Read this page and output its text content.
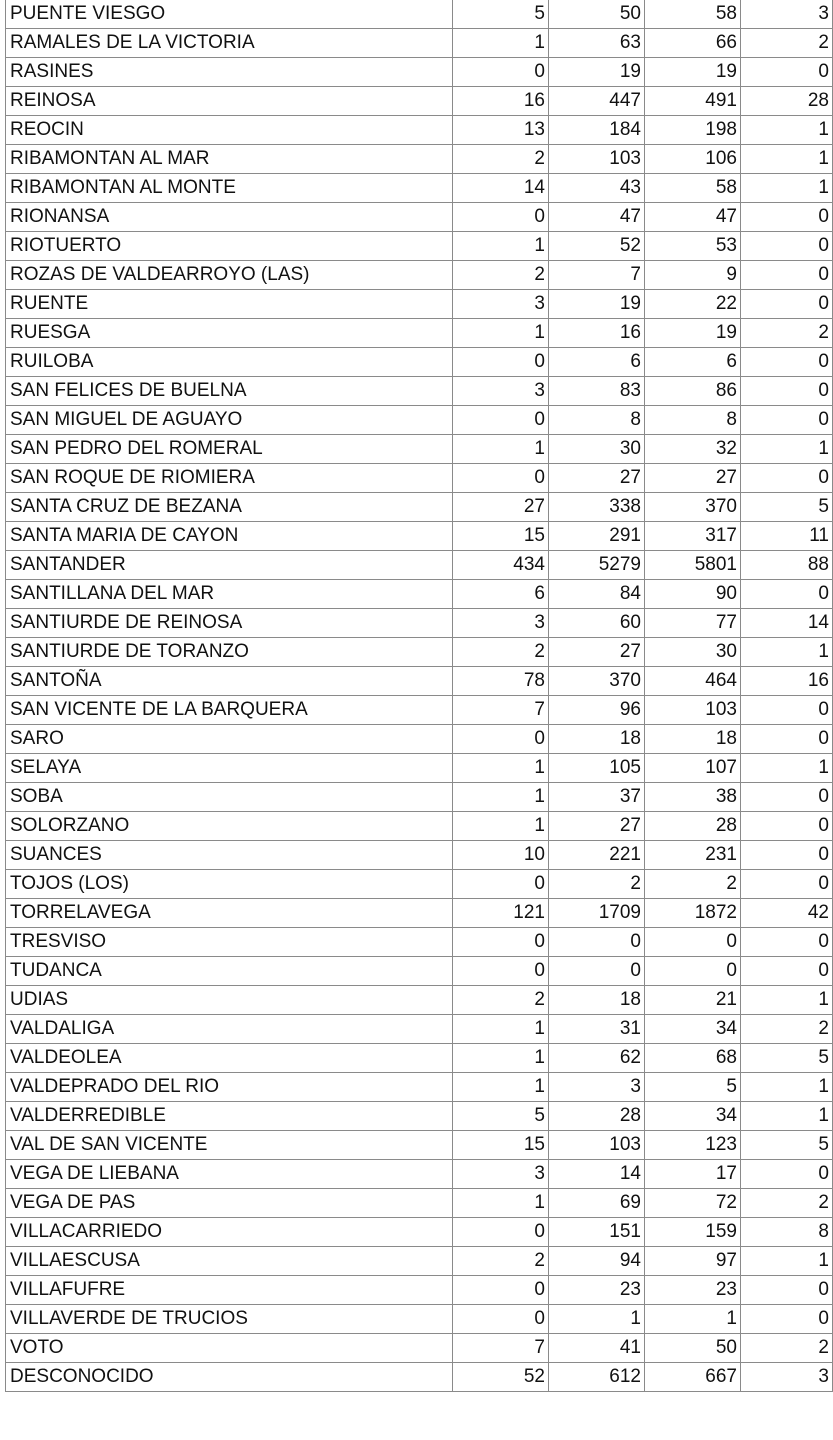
PUENTE VIESGO	5	50	58	3
RAMALES DE LA VICTORIA	1	63	66	2
RASINES	0	19	19	0
REINOSA	16	447	491	28
REOCIN	13	184	198	1
RIBAMONTAN AL MAR	2	103	106	1
RIBAMONTAN AL MONTE	14	43	58	1
RIONANSA	0	47	47	0
RIOTUERTO	1	52	53	0
ROZAS DE VALDEARROYO (LAS)	2	7	9	0
RUENTE	3	19	22	0
RUESGA	1	16	19	2
RUILOBA	0	6	6	0
SAN FELICES DE BUELNA	3	83	86	0
SAN MIGUEL DE AGUAYO	0	8	8	0
SAN PEDRO DEL ROMERAL	1	30	32	1
SAN ROQUE DE RIOMIERA	0	27	27	0
SANTA CRUZ DE BEZANA	27	338	370	5
SANTA MARIA DE CAYON	15	291	317	11
SANTANDER	434	5279	5801	88
SANTILLANA DEL MAR	6	84	90	0
SANTIURDE DE REINOSA	3	60	77	14
SANTIURDE DE TORANZO	2	27	30	1
SANTOÑA	78	370	464	16
SAN VICENTE DE LA BARQUERA	7	96	103	0
SARO	0	18	18	0
SELAYA	1	105	107	1
SOBA	1	37	38	0
SOLORZANO	1	27	28	0
SUANCES	10	221	231	0
TOJOS (LOS)	0	2	2	0
TORRELAVEGA	121	1709	1872	42
TRESVISO	0	0	0	0
TUDANCA	0	0	0	0
UDIAS	2	18	21	1
VALDALIGA	1	31	34	2
VALDEOLEA	1	62	68	5
VALDEPRADO DEL RIO	1	3	5	1
VALDERREDIBLE	5	28	34	1
VAL DE SAN VICENTE	15	103	123	5
VEGA DE LIEBANA	3	14	17	0
VEGA DE PAS	1	69	72	2
VILLACARRIEDO	0	151	159	8
VILLAESCUSA	2	94	97	1
VILLAFUFRE	0	23	23	0
VILLAVERDE DE TRUCIOS	0	1	1	0
VOTO	7	41	50	2
DESCONOCIDO	52	612	667	3
